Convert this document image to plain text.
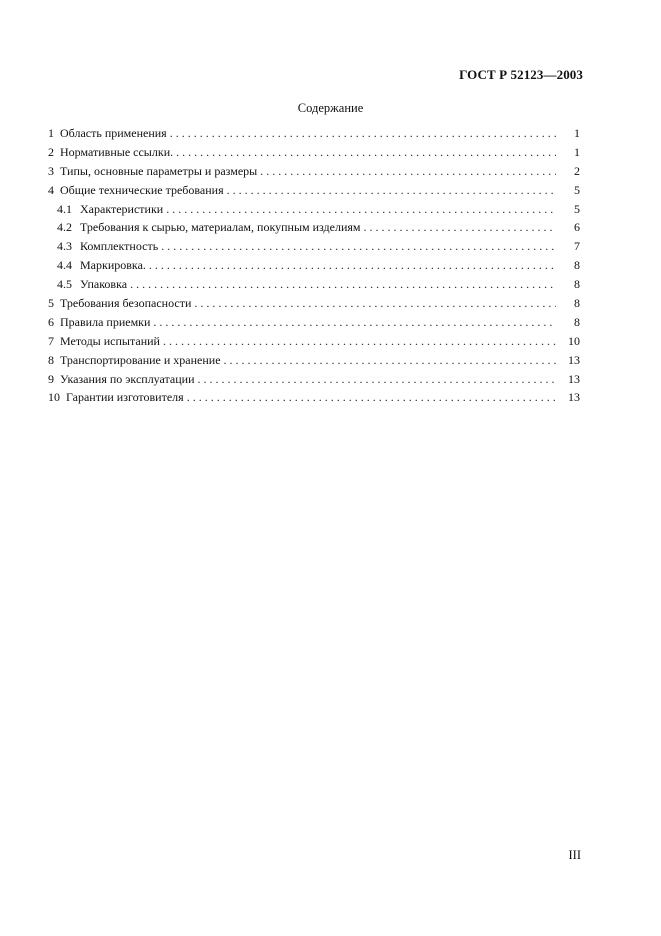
ГОСТ Р 52123—2003
Содержание
1 Область применения . . .	1
2 Нормативные ссылки. . . .	1
3 Типы, основные параметры и размеры . . .	2
4 Общие технические требования . . .	5
4.1 Характеристики . . .	5
4.2 Требования к сырью, материалам, покупным изделиям . . .	6
4.3 Комплектность . . .	7
4.4 Маркировка. . . .	8
4.5 Упаковка . . .	8
5 Требования безопасности . . .	8
6 Правила приемки . . .	8
7 Методы испытаний . . .	10
8 Транспортирование и хранение . . .	13
9 Указания по эксплуатации . . .	13
10 Гарантии изготовителя . . .	13
III
